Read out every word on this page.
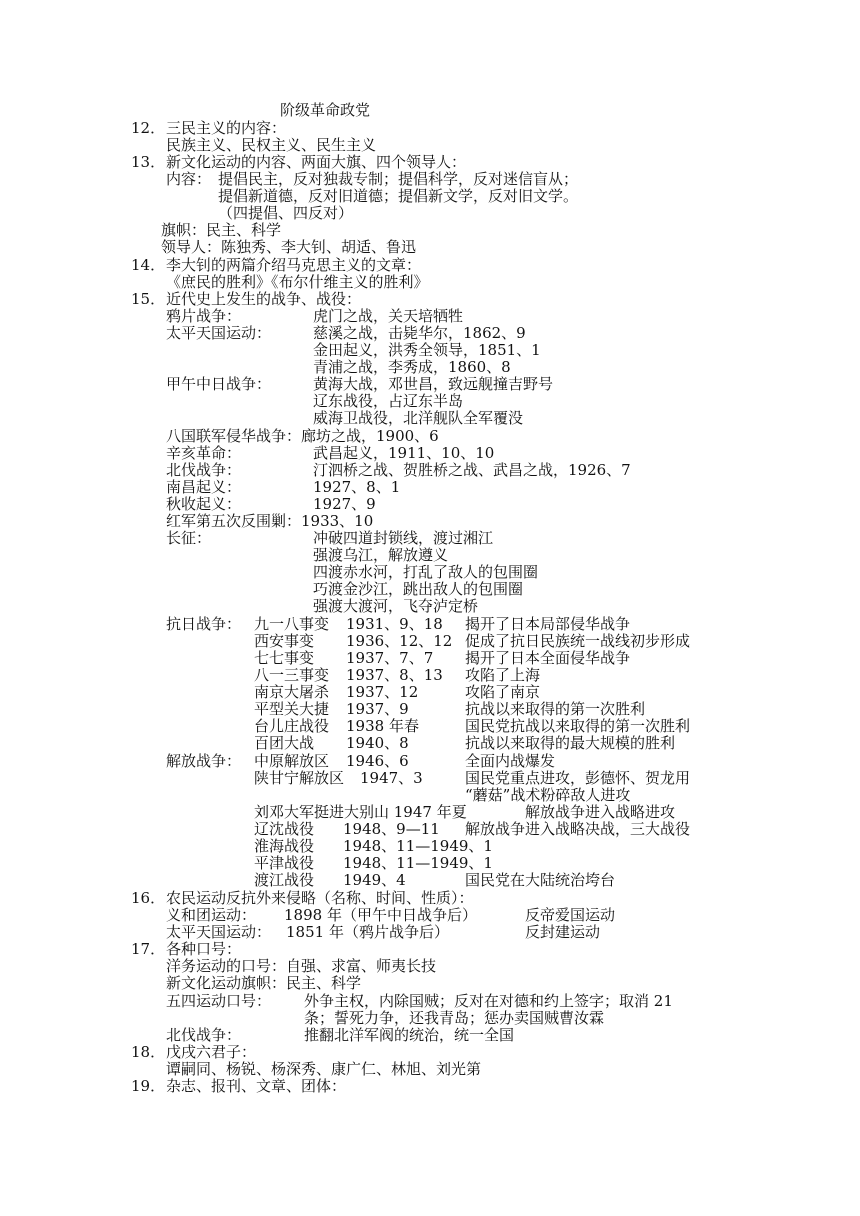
阶级革命政党
12． 三民主义的内容：
民族主义、民权主义、民生主义
13． 新文化运动的内容、两面大旗、四个领导人：
内容： 提倡民主，反对独裁专制；提倡科学，反对迷信盲从；
提倡新道德，反对旧道德；提倡新文学，反对旧文学。
（四提倡、四反对）
旗帜：民主、科学
领导人：陈独秀、李大钊、胡适、鲁迅
14． 李大钊的两篇介绍马克思主义的文章：
《庶民的胜利》《布尔什维主义的胜利》
15． 近代史上发生的战争、战役：
鸦片战争：	虎门之战，关天培牺牲
太平天国运动：	慈溪之战，击毙华尔，1862、9
金田起义，洪秀全领导，1851、1
青浦之战，李秀成，1860、8
甲午中日战争：	黄海大战，邓世昌，致远舰撞吉野号
辽东战役，占辽东半岛
威海卫战役，北洋舰队全军覆没
八国联军侵华战争：廊坊之战，1900、6
辛亥革命：	武昌起义，1911、10、10
北伐战争：	汀泗桥之战、贺胜桥之战、武昌之战，1926、7
南昌起义：	1927、8、1
秋收起义：	1927、9
红军第五次反围剿：1933、10
长征：	冲破四道封锁线，渡过湘江
强渡乌江，解放遵义
四渡赤水河，打乱了敌人的包围圈
巧渡金沙江，跳出敌人的包围圈
强渡大渡河，飞夺泸定桥
抗日战争： 九一八事变 1931、9、18 揭开了日本局部侵华战争
西安事变 1936、12、12 促成了抗日民族统一战线初步形成
七七事变 1937、7、7 揭开了日本全面侵华战争
八一三事变 1937、8、13 攻陷了上海
南京大屠杀 1937、12	攻陷了南京
平型关大捷 1937、9	抗战以来取得的第一次胜利
台儿庄战役 1938 年春	国民党抗战以来取得的第一次胜利
百团大战 1940、8	抗战以来取得的最大规模的胜利
解放战争： 中原解放区 1946、6	全面内战爆发
陕甘宁解放区 1947、3	国民党重点进攻，彭德怀、贺龙用
“蘑菇”战术粉碎敌人进攻
刘邓大军挺进大别山 1947 年夏	解放战争进入战略进攻
辽沈战役 1948、9—11 解放战争进入战略决战，三大战役
淮海战役 1948、11—1949、1
平津战役 1948、11—1949、1
渡江战役 1949、4	国民党在大陆统治垮台
16． 农民运动反抗外来侵略（名称、时间、性质）：
义和团运动： 1898 年（甲午中日战争后）	反帝爱国运动
太平天国运动： 1851 年（鸦片战争后）	反封建运动
17． 各种口号：
洋务运动的口号：自强、求富、师夷长技
新文化运动旗帜：民主、科学
五四运动口号： 外争主权，内除国贼；反对在对德和约上签字；取消 21
条；誓死力争，还我青岛；惩办卖国贼曹汝霖
北伐战争：	推翻北洋军阀的统治，统一全国
18． 戊戌六君子：
谭嗣同、杨锐、杨深秀、康广仁、林旭、刘光第
19． 杂志、报刊、文章、团体：
